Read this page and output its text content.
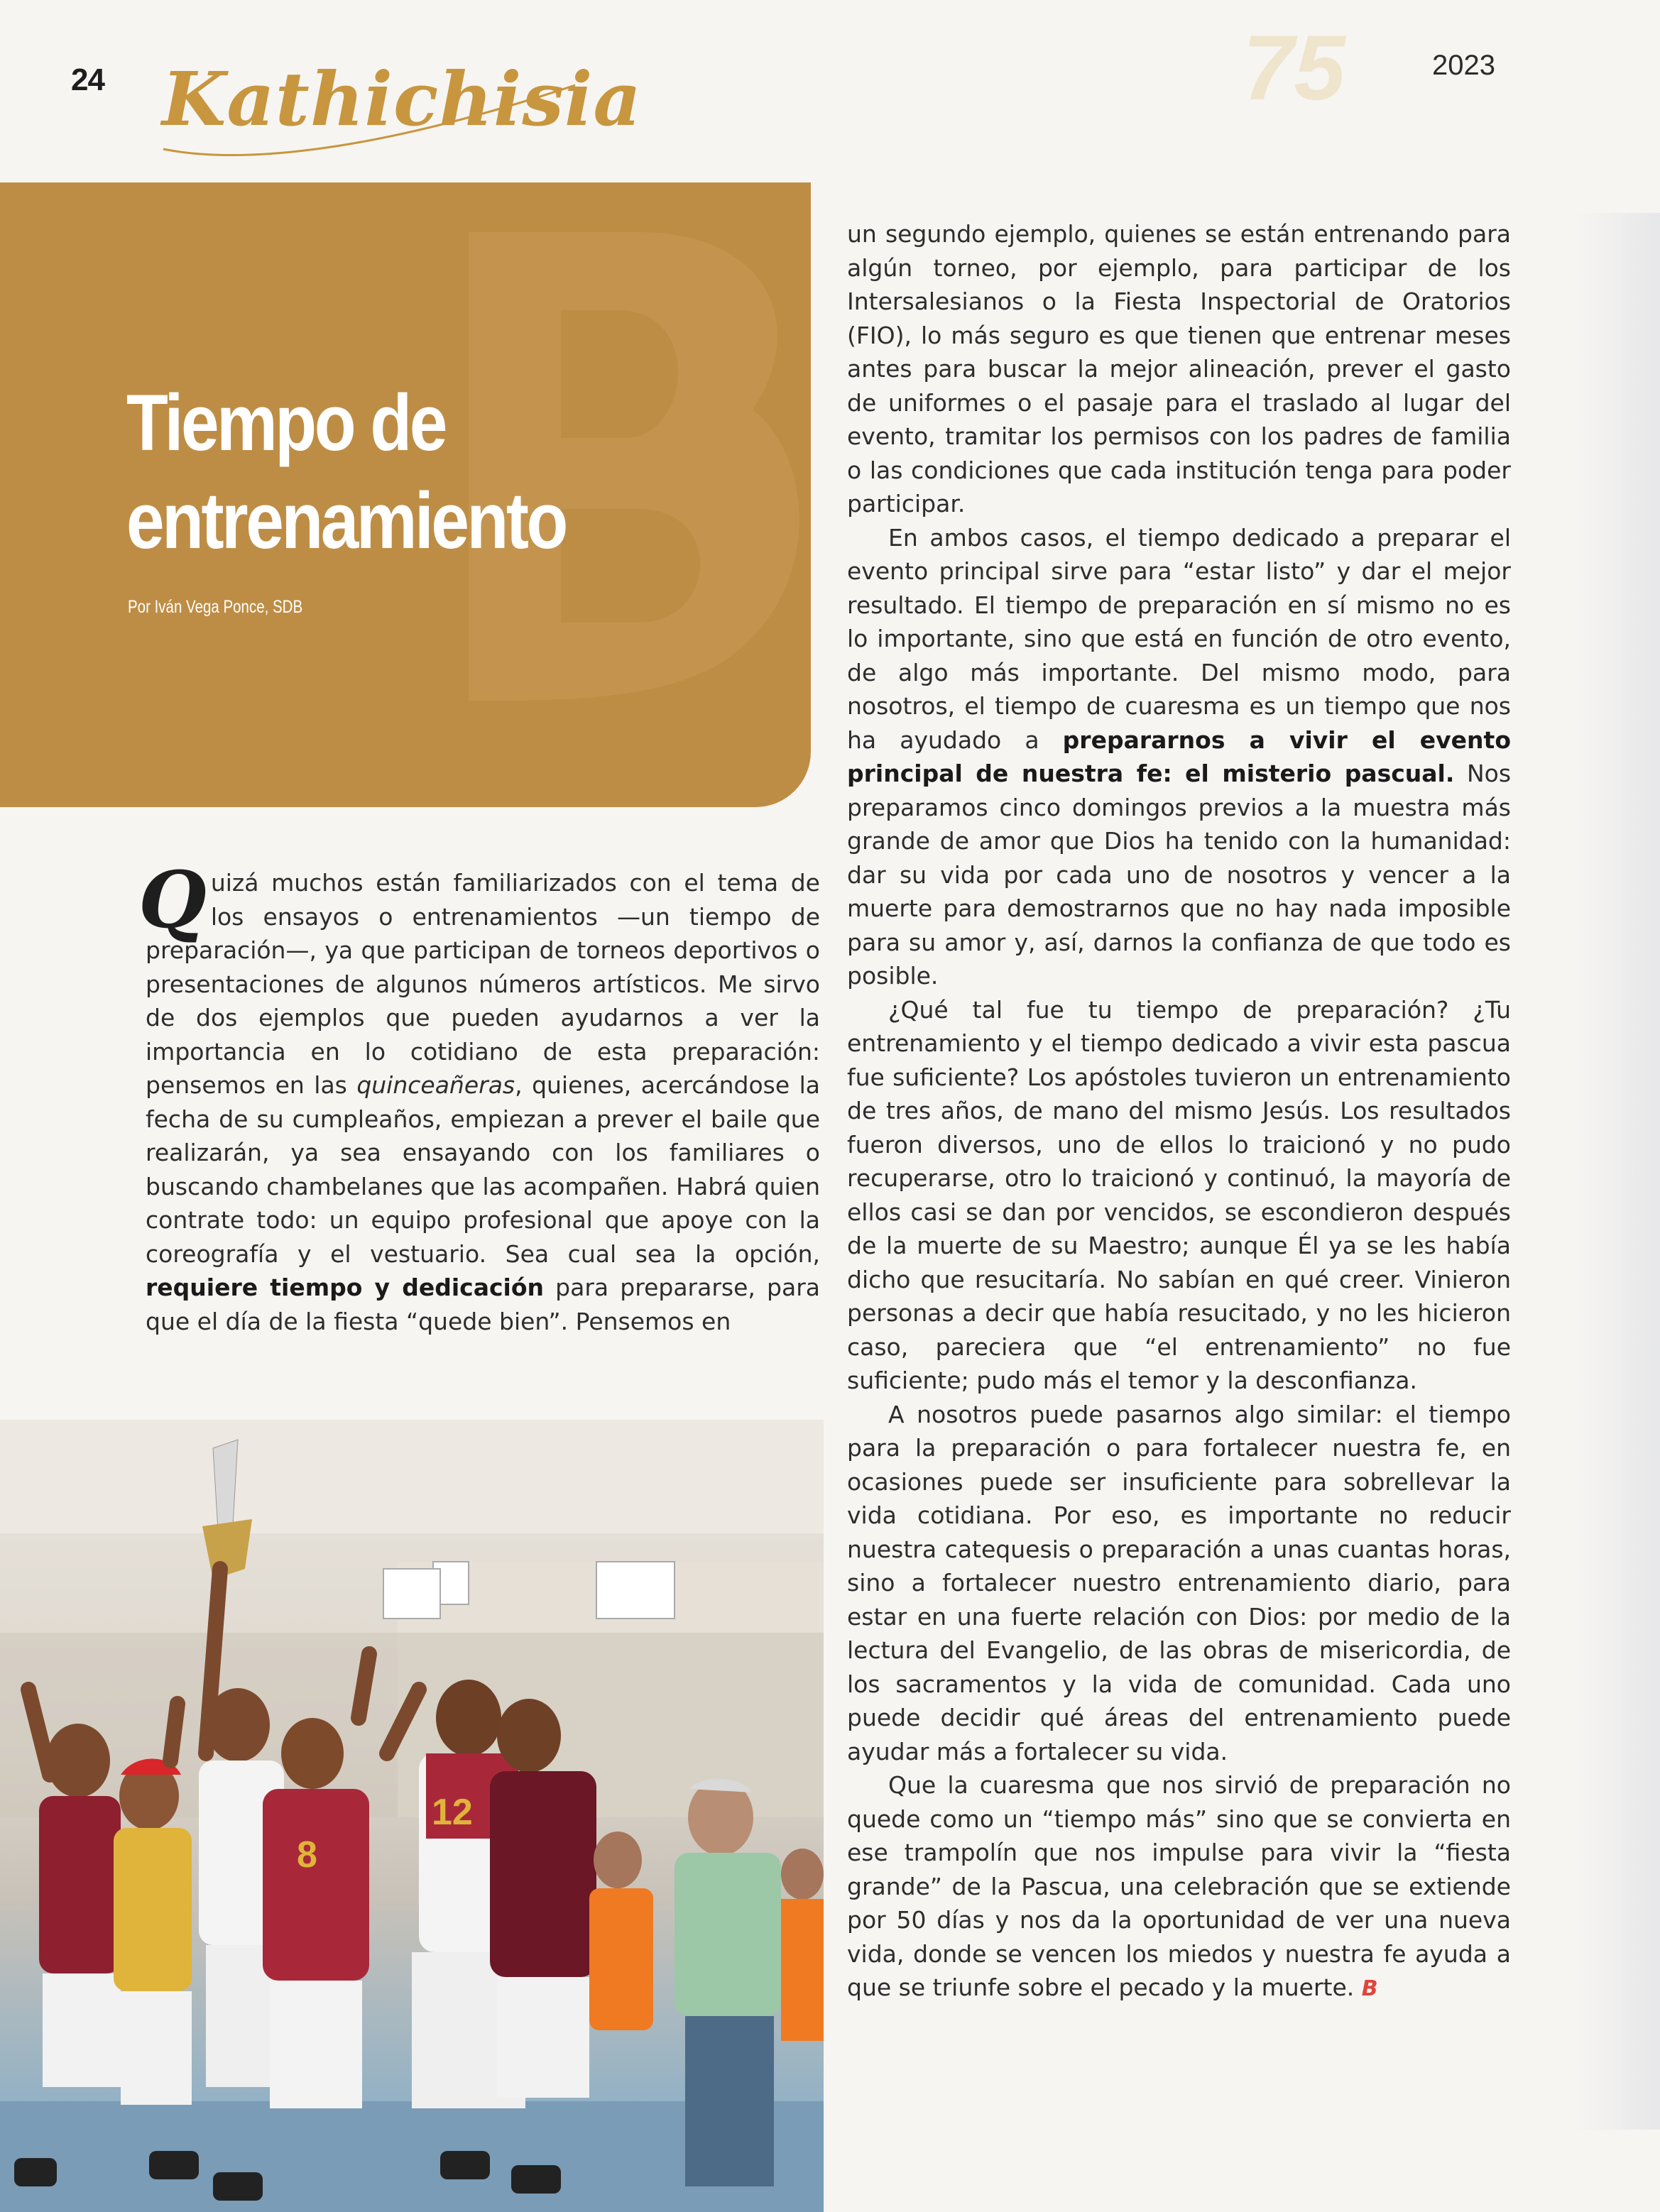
24 Kathichisia	75	2023
Tiempo de
entrenamiento
Por Iván Vega Ponce, SDB

Quizá muchos están familiarizados con el tema de los ensayos o entrenamientos —un tiempo de preparación—, ya que participan de torneos deportivos o presentaciones de algunos números artísticos. Me sirvo de dos ejemplos que pueden ayudarnos a ver la importancia en lo cotidiano de esta preparación: pensemos en las quinceañeras, quienes, acercándose la fecha de su cumpleaños, empiezan a prever el baile que realizarán, ya sea ensayando con los familiares o buscando chambelanes que las acompañen. Habrá quien contrate todo: un equipo profesional que apoye con la coreografía y el vestuario. Sea cual sea la opción, requiere tiempo y dedicación para prepararse, para que el día de la fiesta “quede bien”. Pensemos en

un segundo ejemplo, quienes se están entrenando para algún torneo, por ejemplo, para participar de los Intersalesianos o la Fiesta Inspectorial de Oratorios (FIO), lo más seguro es que tienen que entrenar meses antes para buscar la mejor alineación, prever el gasto de uniformes o el pasaje para el traslado al lugar del evento, tramitar los permisos con los padres de familia o las condiciones que cada institución tenga para poder participar.

En ambos casos, el tiempo dedicado a preparar el evento principal sirve para “estar listo” y dar el mejor resultado. El tiempo de preparación en sí mismo no es lo importante, sino que está en función de otro evento, de algo más importante. Del mismo modo, para nosotros, el tiempo de cuaresma es un tiempo que nos ha ayudado a prepararnos a vivir el evento principal de nuestra fe: el misterio pascual. Nos preparamos cinco domingos previos a la muestra más grande de amor que Dios ha tenido con la humanidad: dar su vida por cada uno de nosotros y vencer a la muerte para demostrarnos que no hay nada imposible para su amor y, así, darnos la confianza de que todo es posible.

¿Qué tal fue tu tiempo de preparación? ¿Tu entrenamiento y el tiempo dedicado a vivir esta pascua fue suficiente? Los apóstoles tuvieron un entrenamiento de tres años, de mano del mismo Jesús. Los resultados fueron diversos, uno de ellos lo traicionó y no pudo recuperarse, otro lo traicionó y continuó, la mayoría de ellos casi se dan por vencidos, se escondieron después de la muerte de su Maestro; aunque Él ya se les había dicho que resucitaría. No sabían en qué creer. Vinieron personas a decir que había resucitado, y no les hicieron caso, pareciera que “el entrenamiento” no fue suficiente; pudo más el temor y la desconfianza.

A nosotros puede pasarnos algo similar: el tiempo para la preparación o para fortalecer nuestra fe, en ocasiones puede ser insuficiente para sobrellevar la vida cotidiana. Por eso, es importante no reducir nuestra catequesis o preparación a unas cuantas horas, sino a fortalecer nuestro entrenamiento diario, para estar en una fuerte relación con Dios: por medio de la lectura del Evangelio, de las obras de misericordia, de los sacramentos y la vida de comunidad. Cada uno puede decidir qué áreas del entrenamiento puede ayudar más a fortalecer su vida.

Que la cuaresma que nos sirvió de preparación no quede como un “tiempo más” sino que se convierta en ese trampolín que nos impulse para vivir la “fiesta grande” de la Pascua, una celebración que se extiende por 50 días y nos da la oportunidad de ver una nueva vida, donde se vencen los miedos y nuestra fe ayuda a que se triunfe sobre el pecado y la muerte. B

8
12
